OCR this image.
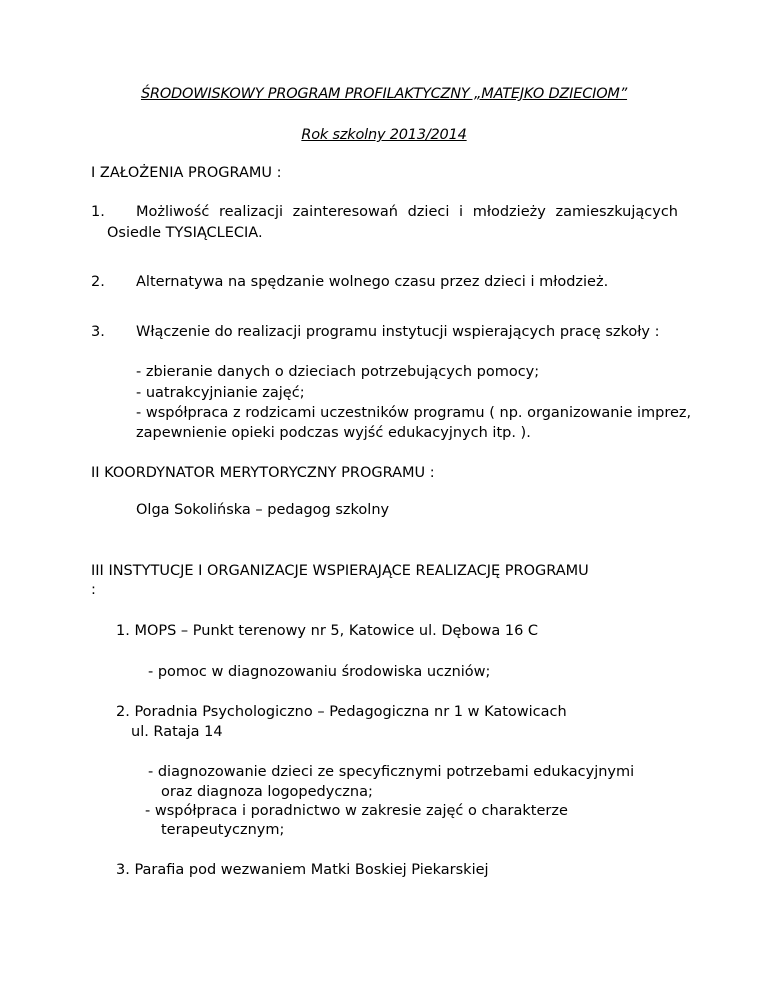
ŚRODOWISKOWY PROGRAM PROFILAKTYCZNY „MATEJKO DZIECIOM”
Rok szkolny 2013/2014
I ZAŁOŻENIA PROGRAMU :
1. Możliwość realizacji zainteresowań dzieci i młodzieży zamieszkujących
Osiedle TYSIĄCLECIA.
2. Alternatywa na spędzanie wolnego czasu przez dzieci i młodzież.
3. Włączenie do realizacji programu instytucji wspierających pracę szkoły :
- zbieranie danych o dzieciach potrzebujących pomocy;
- uatrakcyjnianie zajęć;
- współpraca z rodzicami uczestników programu ( np. organizowanie imprez,
zapewnienie opieki podczas wyjść edukacyjnych itp. ).
II KOORDYNATOR MERYTORYCZNY PROGRAMU :
Olga Sokolińska – pedagog szkolny
III INSTYTUCJE I ORGANIZACJE WSPIERAJĄCE REALIZACJĘ PROGRAMU
:
1. MOPS – Punkt terenowy nr 5, Katowice ul. Dębowa 16 C
- pomoc w diagnozowaniu środowiska uczniów;
2. Poradnia Psychologiczno – Pedagogiczna nr 1 w Katowicach
ul. Rataja 14
- diagnozowanie dzieci ze specyficznymi potrzebami edukacyjnymi
oraz diagnoza logopedyczna;
- współpraca i poradnictwo w zakresie zajęć o charakterze
terapeutycznym;
3. Parafia pod wezwaniem Matki Boskiej Piekarskiej
